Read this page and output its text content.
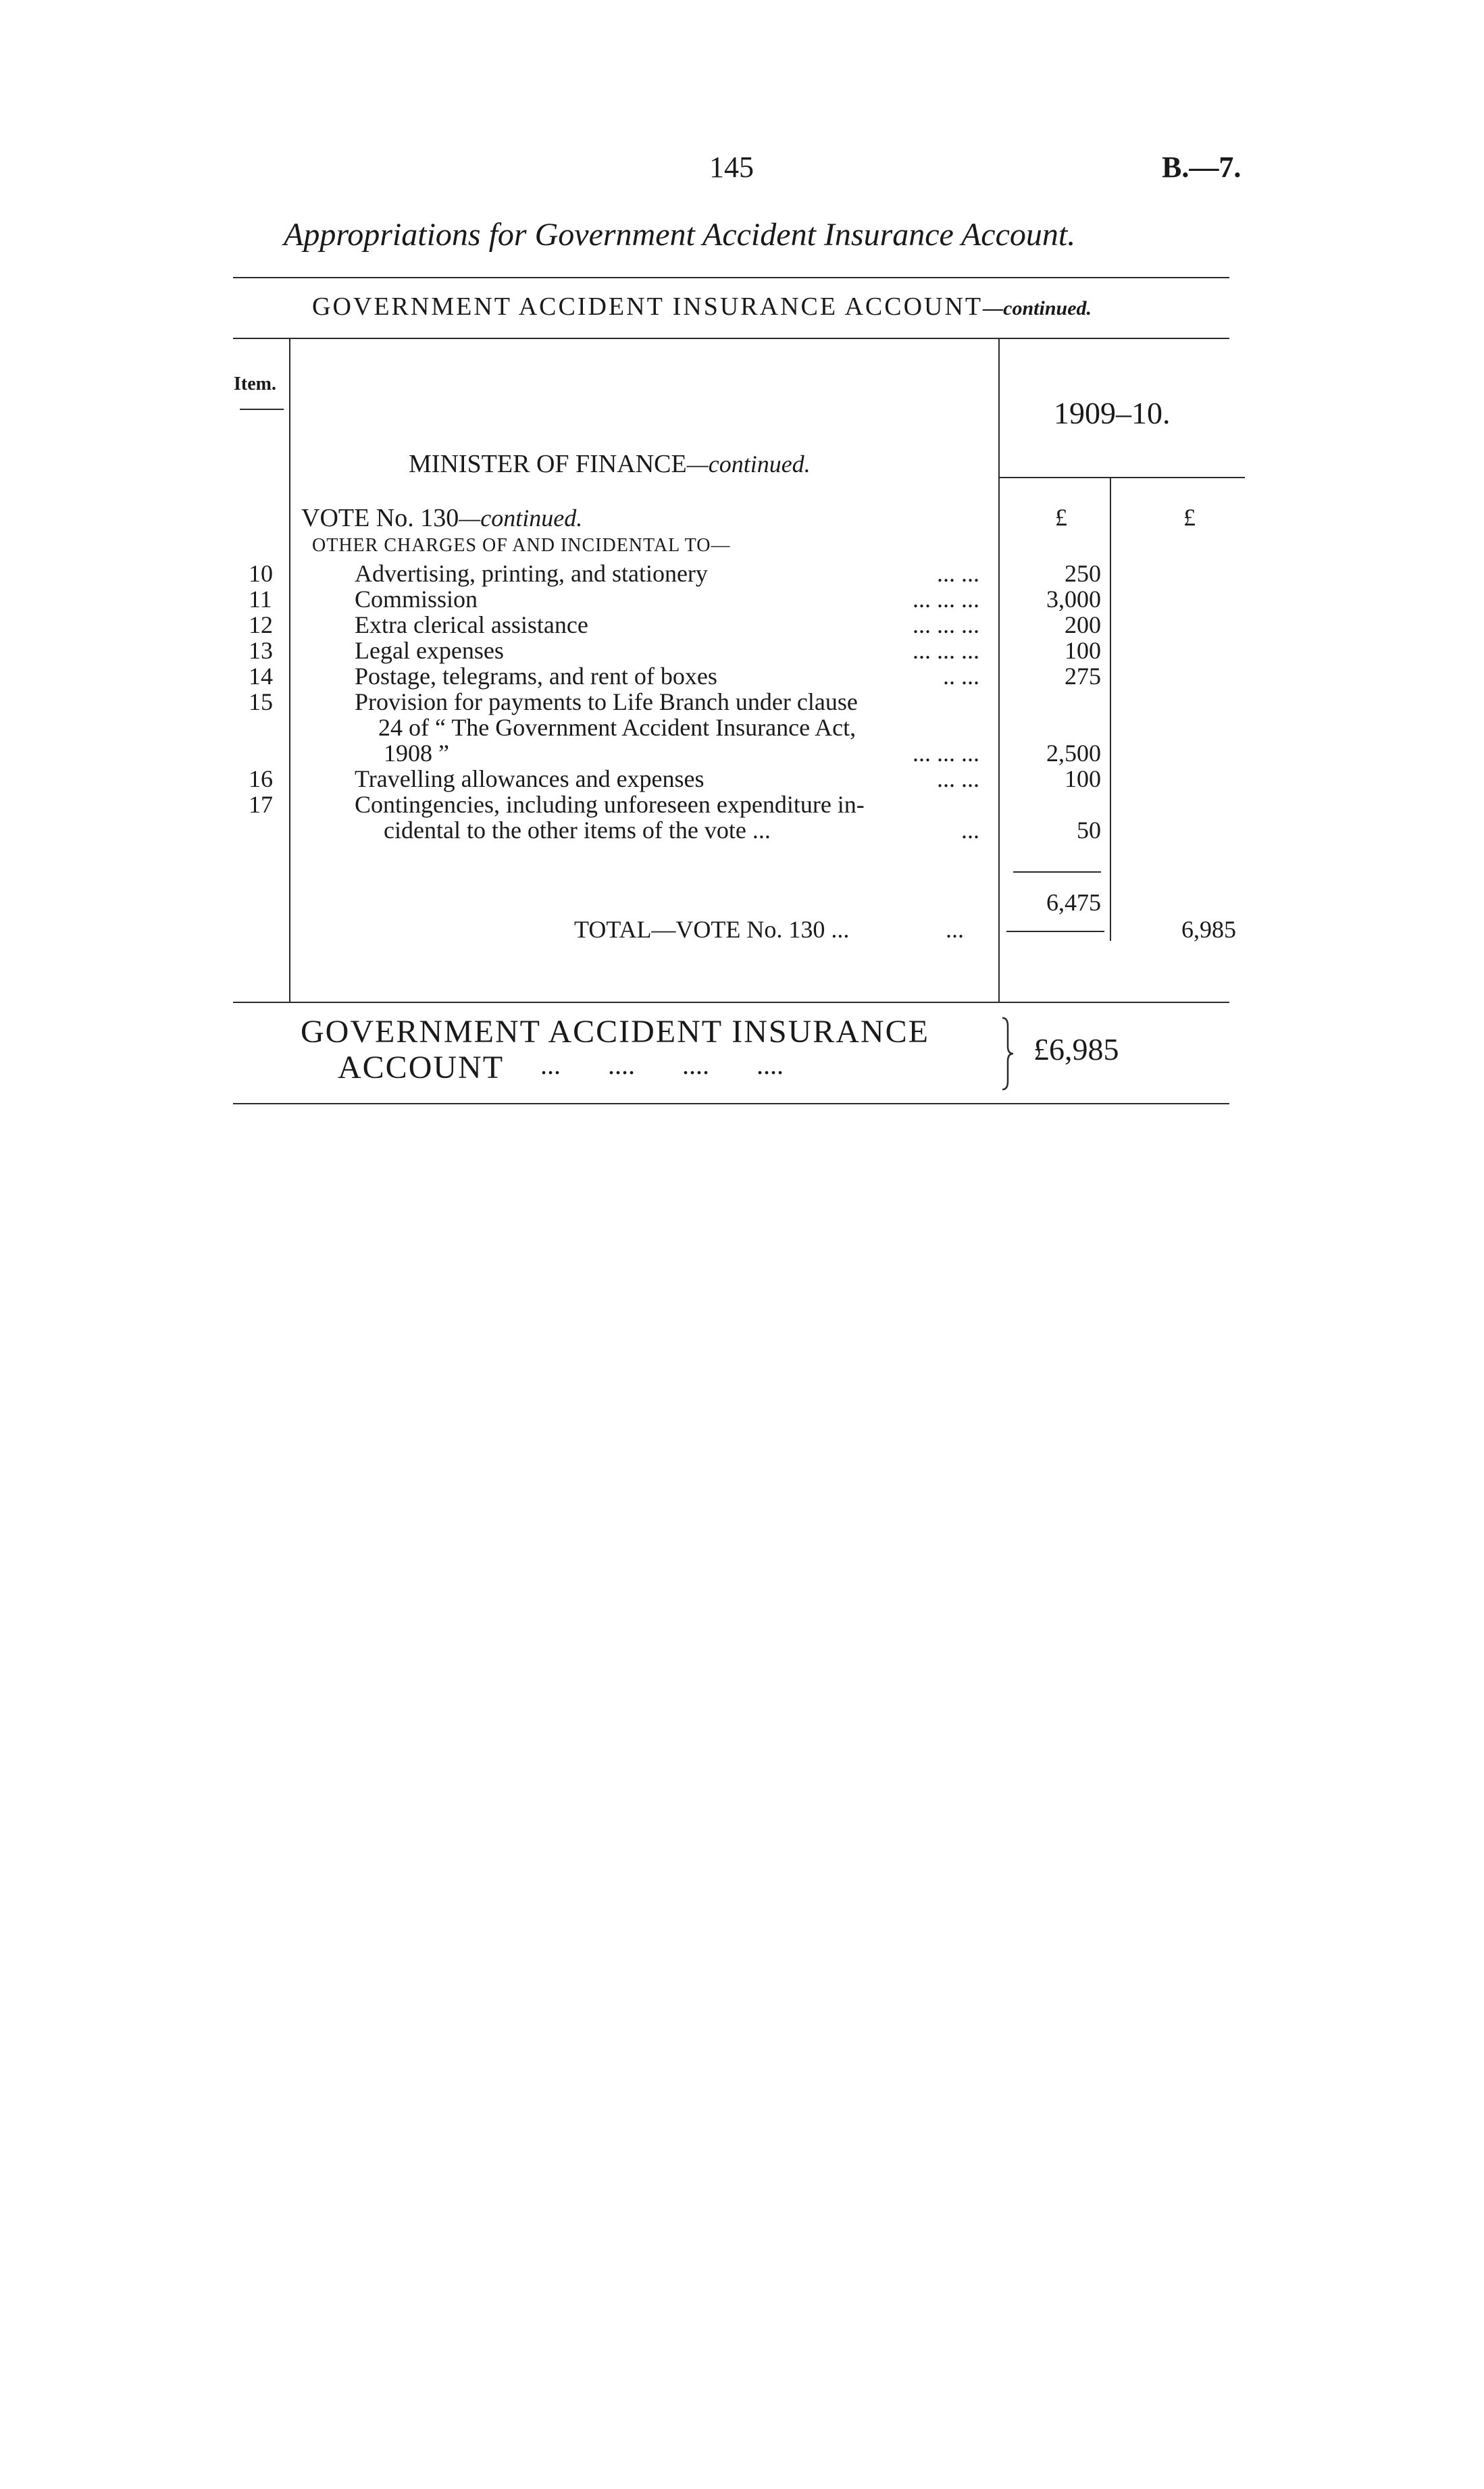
145	B.—7.
Appropriations for Government Accident Insurance Account.
GOVERNMENT ACCIDENT INSURANCE ACCOUNT—continued.
Item.
1909–10.
MINISTER OF FINANCE—continued.
VOTE No. 130—continued.
OTHER CHARGES OF AND INCIDENTAL TO—
£	£
10	Advertising, printing, and stationery	... ...	250
11	Commission	... ... ...	3,000
12	Extra clerical assistance	... ... ...	200
13	Legal expenses	... ... ...	100
14	Postage, telegrams, and rent of boxes	.. ...	275
15	Provision for payments to Life Branch under clause
24 of “ The Government Accident Insurance Act,
1908 ”	... ... ...	2,500
16	Travelling allowances and expenses	... ...	100
17	Contingencies, including unforeseen expenditure in-
cidental to the other items of the vote ...	...	50
6,475
TOTAL—VOTE No. 130 ...	...	6,985
GOVERNMENT ACCIDENT INSURANCE
ACCOUNT ... .... .... ....	£6,985
